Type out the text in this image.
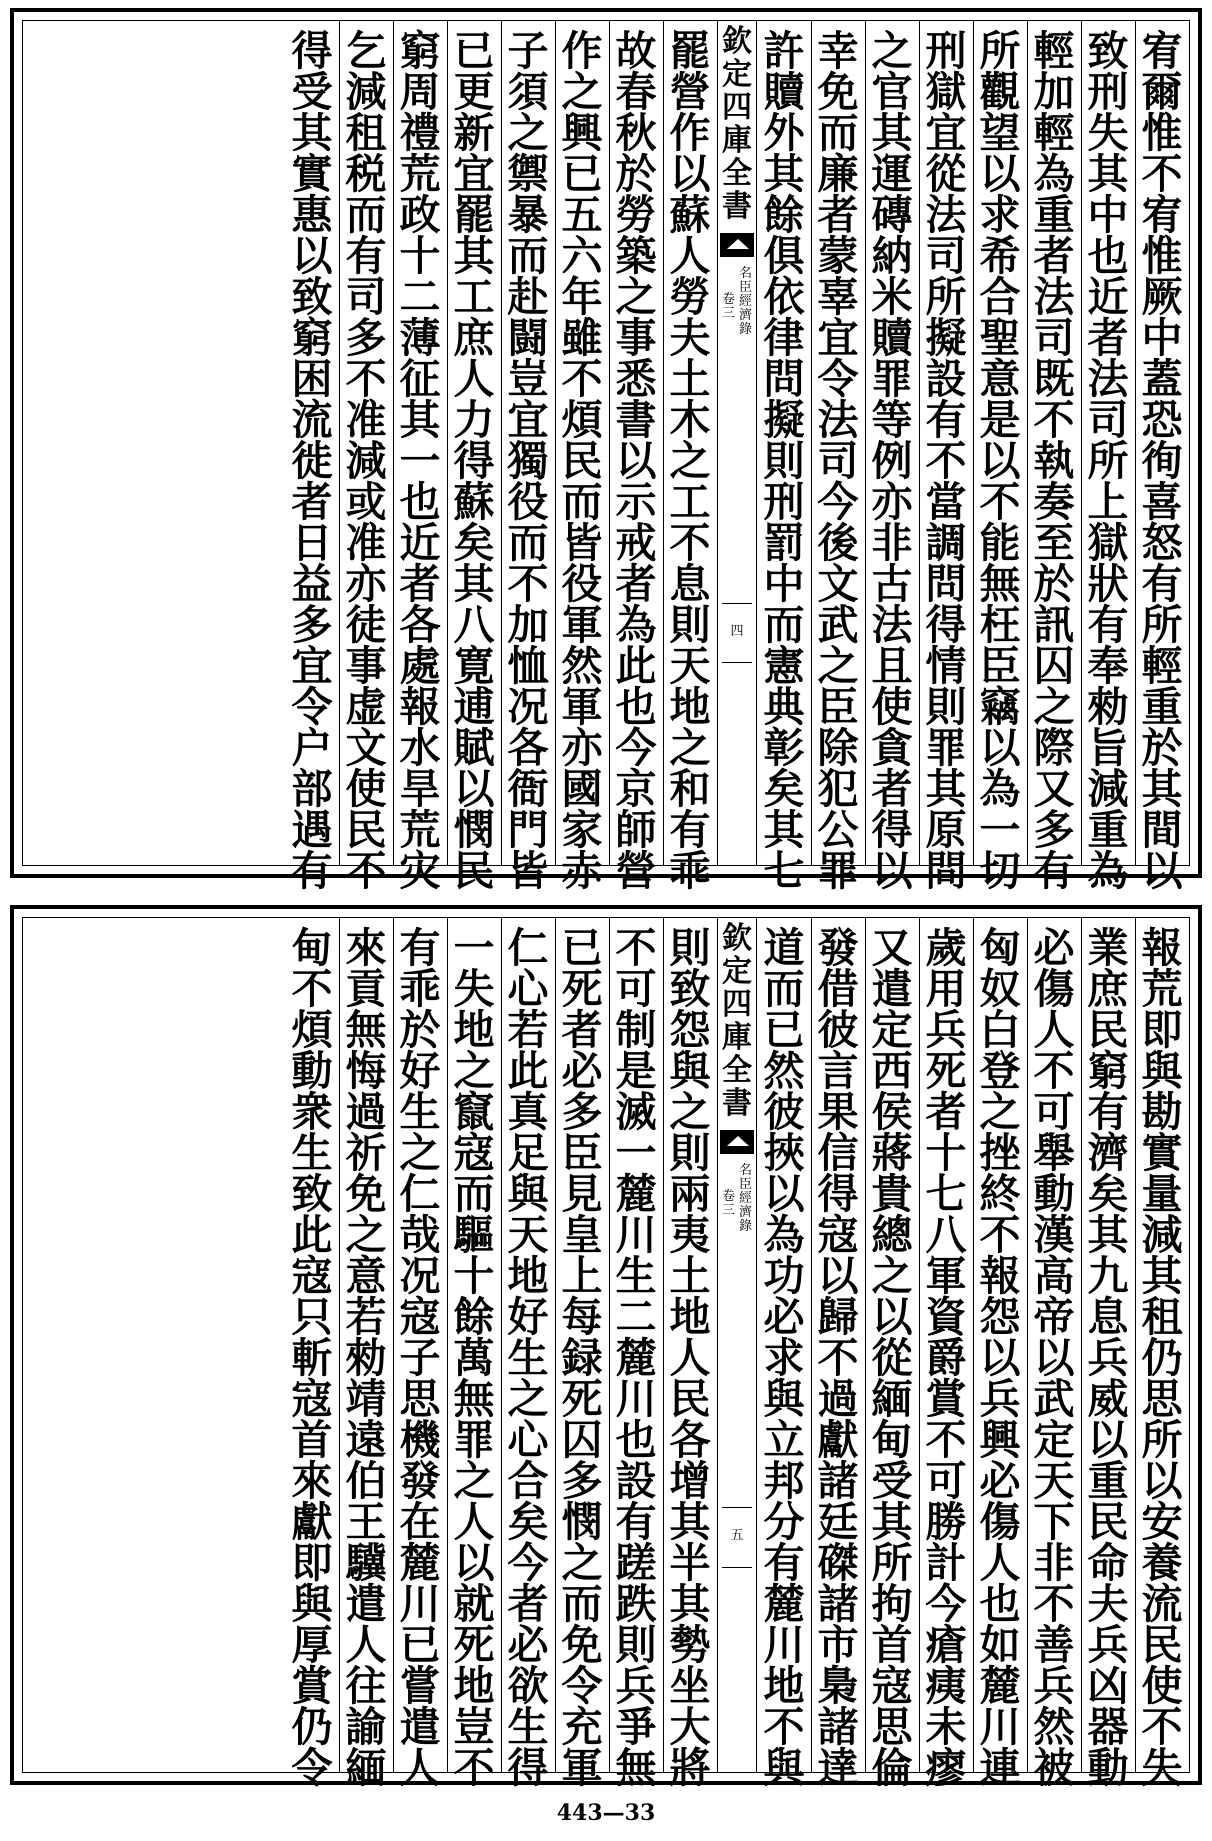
宥
爾
惟
不
宥
惟
厥
中
蓋
恐
徇
喜
怒
有
所
輕
重
於
其
間
以
致
刑
失
其
中
也
近
者
法
司
所
上
獄
狀
有
奉
勑
旨
減
重
為
輕
加
輕
為
重
者
法
司
既
不
執
奏
至
於
訊
囚
之
際
又
多
有
所
觀
望
以
求
希
合
聖
意
是
以
不
能
無
枉
臣
竊
以
為
一
切
刑
獄
宜
從
法
司
所
擬
設
有
不
當
調
問
得
情
則
罪
其
原
問
之
官
其
運
磚
納
米
贖
罪
等
例
亦
非
古
法
且
使
貪
者
得
以
幸
免
而
廉
者
蒙
辜
宜
令
法
司
今
後
文
武
之
臣
除
犯
公
罪
許
贖
外
其
餘
俱
依
律
問
擬
則
刑
罰
中
而
憲
典
彰
矣
其
七
欽
定
四
庫
全
書
名
臣
經
濟
錄
卷
三
四
罷
營
作
以
蘇
人
勞
夫
土
木
之
工
不
息
則
天
地
之
和
有
乖
故
春
秋
於
勞
築
之
事
悉
書
以
示
戒
者
為
此
也
今
京
師
營
作
之
興
已
五
六
年
雖
不
煩
民
而
皆
役
軍
然
軍
亦
國
家
赤
子
須
之
禦
暴
而
赴
闘
豈
宜
獨
役
而
不
加
恤
况
各
衙
門
皆
已
更
新
宜
罷
其
工
庶
人
力
得
蘇
矣
其
八
寛
逋
賦
以
憫
民
窮
周
禮
荒
政
十
二
薄
征
其
一
也
近
者
各
處
報
水
旱
荒
灾
乞
減
租
税
而
有
司
多
不
准
減
或
准
亦
徒
事
虚
文
使
民
不
得
受
其
實
惠
以
致
窮
困
流
徙
者
日
益
多
宜
令
户
部
遇
有
報
荒
即
與
勘
實
量
減
其
租
仍
思
所
以
安
養
流
民
使
不
失
業
庶
民
窮
有
濟
矣
其
九
息
兵
威
以
重
民
命
夫
兵
凶
器
動
必
傷
人
不
可
舉
動
漢
高
帝
以
武
定
天
下
非
不
善
兵
然
被
匈
奴
白
登
之
挫
終
不
報
怨
以
兵
興
必
傷
人
也
如
麓
川
連
歲
用
兵
死
者
十
七
八
軍
資
爵
賞
不
可
勝
計
今
瘡
痍
未
瘳
又
遣
定
西
侯
蔣
貴
總
之
以
從
緬
甸
受
其
所
拘
首
寇
思
倫
發
借
彼
言
果
信
得
寇
以
歸
不
過
獻
諸
廷
磔
諸
市
梟
諸
達
道
而
已
然
彼
挾
以
為
功
必
求
與
立
邦
分
有
麓
川
地
不
與
欽
定
四
庫
全
書
名
臣
經
濟
錄
卷
三
五
則
致
怨
與
之
則
兩
夷
土
地
人
民
各
增
其
半
其
勢
坐
大
將
不
可
制
是
滅
一
麓
川
生
二
麓
川
也
設
有
蹉
跌
則
兵
爭
無
已
死
者
必
多
臣
見
皇
上
每
録
死
囚
多
憫
之
而
免
令
充
軍
仁
心
若
此
真
足
與
天
地
好
生
之
心
合
矣
今
者
必
欲
生
得
一
失
地
之
竄
寇
而
驅
十
餘
萬
無
罪
之
人
以
就
死
地
豈
不
有
乖
於
好
生
之
仁
哉
况
寇
子
思
機
發
在
麓
川
已
嘗
遣
人
來
貢
無
悔
過
祈
免
之
意
若
勑
靖
遠
伯
王
驥
遣
人
往
諭
緬
甸
不
煩
動
衆
生
致
此
寇
只
斬
寇
首
來
獻
即
與
厚
賞
仍
令
443—33
